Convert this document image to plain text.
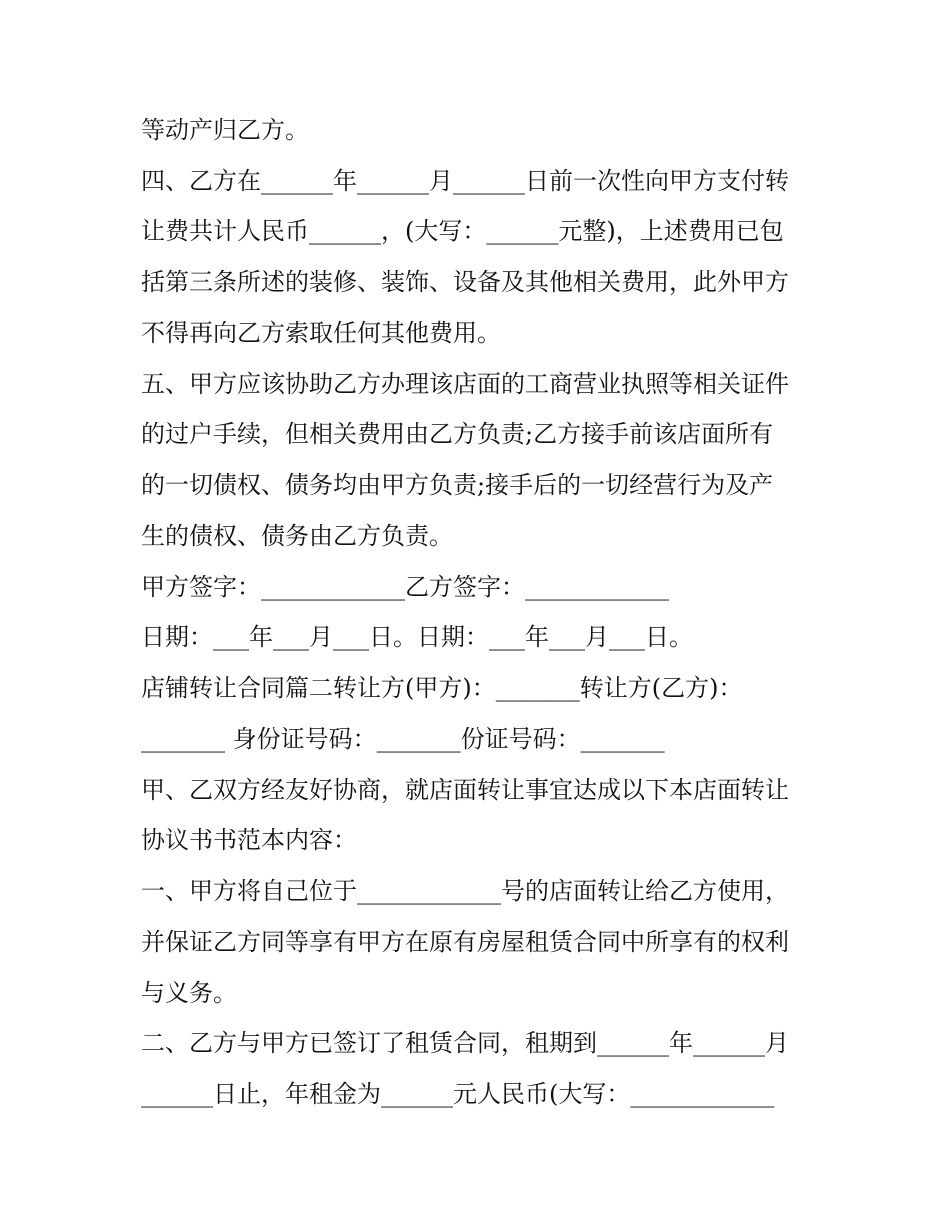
等动产归乙方。

四、乙方在______年______月______日前一次性向甲方支付转

让费共计人民币______，(大写：______元整)，上述费用已包

括第三条所述的装修、装饰、设备及其他相关费用，此外甲方

不得再向乙方索取任何其他费用。

五、甲方应该协助乙方办理该店面的工商营业执照等相关证件

的过户手续，但相关费用由乙方负责;乙方接手前该店面所有

的一切债权、债务均由甲方负责;接手后的一切经营行为及产

生的债权、债务由乙方负责。

甲方签字：____________乙方签字：____________

日期：___年___月___日。日期：___年___月___日。

店铺转让合同篇二转让方(甲方)：_______转让方(乙方)：

_______ 身份证号码：_______份证号码：_______

甲、乙双方经友好协商，就店面转让事宜达成以下本店面转让

协议书书范本内容：

一、甲方将自己位于____________号的店面转让给乙方使用，

并保证乙方同等享有甲方在原有房屋租赁合同中所享有的权利

与义务。

二、乙方与甲方已签订了租赁合同，租期到______年______月

______日止，年租金为______元人民币(大写：____________
